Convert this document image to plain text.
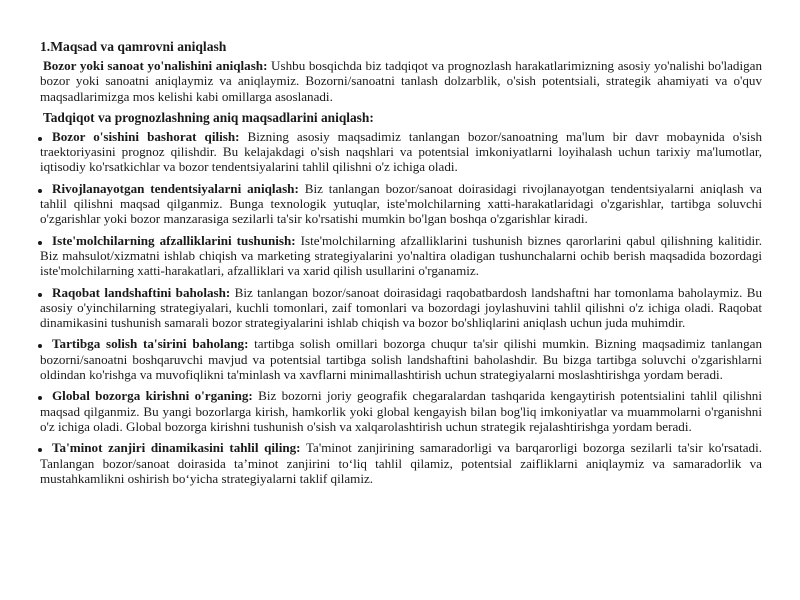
1.Maqsad va qamrovni aniqlash

Bozor yoki sanoat yo'nalishini aniqlash: Ushbu bosqichda biz tadqiqot va prognozlash harakatlarimizning asosiy yo'nalishi bo'ladigan bozor yoki sanoatni aniqlaymiz va aniqlaymiz. Bozorni/sanoatni tanlash dolzarblik, o'sish potentsiali, strategik ahamiyati va o'quv maqsadlarimizga mos kelishi kabi omillarga asoslanadi.

Tadqiqot va prognozlashning aniq maqsadlarini aniqlash:
Bozor o'sishini bashorat qilish: Bizning asosiy maqsadimiz tanlangan bozor/sanoatning ma'lum bir davr mobaynida o'sish traektoriyasini prognoz qilishdir. Bu kelajakdagi o'sish naqshlari va potentsial imkoniyatlarni loyihalash uchun tarixiy ma'lumotlar, iqtisodiy ko'rsatkichlar va bozor tendentsiyalarini tahlil qilishni o'z ichiga oladi.
Rivojlanayotgan tendentsiyalarni aniqlash: Biz tanlangan bozor/sanoat doirasidagi rivojlanayotgan tendentsiyalarni aniqlash va tahlil qilishni maqsad qilganmiz. Bunga texnologik yutuqlar, iste'molchilarning xatti-harakatlaridagi o'zgarishlar, tartibga soluvchi o'zgarishlar yoki bozor manzarasiga sezilarli ta'sir ko'rsatishi mumkin bo'lgan boshqa o'zgarishlar kiradi.
Iste'molchilarning afzalliklarini tushunish: Iste'molchilarning afzalliklarini tushunish biznes qarorlarini qabul qilishning kalitidir. Biz mahsulot/xizmatni ishlab chiqish va marketing strategiyalarini yo'naltira oladigan tushunchalarni ochib berish maqsadida bozordagi iste'molchilarning xatti-harakatlari, afzalliklari va xarid qilish usullarini o'rganamiz.
Raqobat landshaftini baholash: Biz tanlangan bozor/sanoat doirasidagi raqobatbardosh landshaftni har tomonlama baholaymiz. Bu asosiy o'yinchilarning strategiyalari, kuchli tomonlari, zaif tomonlari va bozordagi joylashuvini tahlil qilishni o'z ichiga oladi. Raqobat dinamikasini tushunish samarali bozor strategiyalarini ishlab chiqish va bozor bo'shliqlarini aniqlash uchun juda muhimdir.
Tartibga solish ta'sirini baholang: tartibga solish omillari bozorga chuqur ta'sir qilishi mumkin. Bizning maqsadimiz tanlangan bozorni/sanoatni boshqaruvchi mavjud va potentsial tartibga solish landshaftini baholashdir. Bu bizga tartibga soluvchi o'zgarishlarni oldindan ko'rishga va muvofiqlikni ta'minlash va xavflarni minimallashtirish uchun strategiyalarni moslashtirishga yordam beradi.
Global bozorga kirishni o'rganing: Biz bozorni joriy geografik chegaralardan tashqarida kengaytirish potentsialini tahlil qilishni maqsad qilganmiz. Bu yangi bozorlarga kirish, hamkorlik yoki global kengayish bilan bog'liq imkoniyatlar va muammolarni o'rganishni o'z ichiga oladi. Global bozorga kirishni tushunish o'sish va xalqarolashtirish uchun strategik rejalashtirishga yordam beradi.
Ta'minot zanjiri dinamikasini tahlil qiling: Ta'minot zanjirining samaradorligi va barqarorligi bozorga sezilarli ta'sir ko'rsatadi. Tanlangan bozor/sanoat doirasida ta’minot zanjirini to‘liq tahlil qilamiz, potentsial zaifliklarni aniqlaymiz va samaradorlik va mustahkamlikni oshirish bo‘yicha strategiyalarni taklif qilamiz.
